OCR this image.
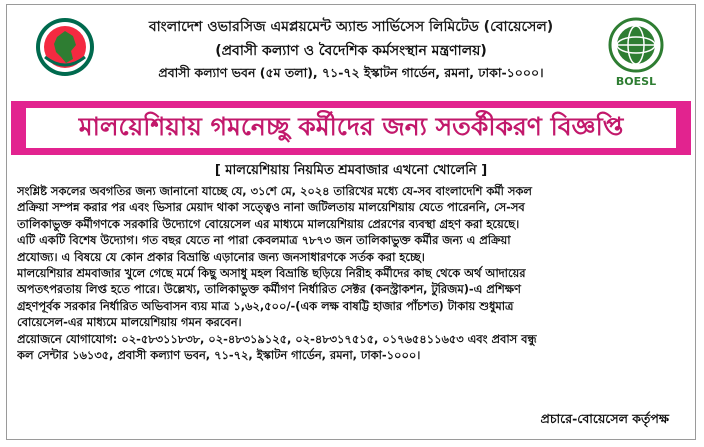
বাংলাদেশ ওভারসিজ এমপ্লয়মেন্ট অ্যান্ড সার্ভিসেস লিমিটেড (বোয়েসেল)
(প্রবাসী কল্যাণ ও বৈদেশিক কর্মসংস্থান মন্ত্রণালয়)
প্রবাসী কল্যাণ ভবন (৫ম তলা), ৭১-৭২ ইস্কাটন গার্ডেন, রমনা, ঢাকা-১০০০।
BOESL
মালয়েশিয়ায় গমনেচ্ছু কর্মীদের জন্য সতর্কীকরণ বিজ্ঞপ্তি
[ মালয়েশিয়ায় নিয়মিত শ্রমবাজার এখনো খোলেনি ]
সংশ্লিষ্ট সকলের অবগতির জন্য জানানো যাচ্ছে যে, ৩১শে মে, ২০২৪ তারিখের মধ্যে যে-সব বাংলাদেশি কর্মী সকল
প্রক্রিয়া সম্পন্ন করার পর এবং ভিসার মেয়াদ থাকা সত্ত্বেও নানা জটিলতায় মালয়েশিয়ায় যেতে পারেননি, সে-সব
তালিকাভুক্ত কর্মীগণকে সরকারি উদ্যোগে বোয়েসেল এর মাধ্যমে মালয়েশিয়ায় প্রেরণের ব্যবস্থা গ্রহণ করা হয়েছে।
এটি একটি বিশেষ উদ্যোগ। গত বছর যেতে না পারা কেবলমাত্র ৭৮৭৩ জন তালিকাভুক্ত কর্মীর জন্য এ প্রক্রিয়া
প্রযোজ্য। এ বিষয়ে যে কোন প্রকার বিভ্রান্তি এড়ানোর জন্য জনসাধারণকে সর্তক করা হচ্ছে।
মালয়েশিয়ার শ্রমবাজার খুলে গেছে মর্মে কিছু অসাধু মহল বিভ্রান্তি ছড়িয়ে নিরীহ কর্মীদের কাছ থেকে অর্থ আদায়ের
অপতৎপরতায় লিপ্ত হতে পারে। উল্লেখ্য, তালিকাভুক্ত কর্মীগণ নির্ধারিত সেক্টর (কনস্ট্রাকশন, টুরিজম)-এ প্রশিক্ষণ
গ্রহণপূর্বক সরকার নির্ধারিত অভিবাসন ব্যয় মাত্র ১,৬২,৫০০/-(এক লক্ষ বাষট্টি হাজার পাঁচশত) টাকায় শুধুমাত্র
বোয়েসেল-এর মাধ্যমে মালয়েশিয়ায় গমন করবেন।
প্রয়োজনে যোগাযোগ: ০২-৫৮৩১১৮৩৮, ০২-৪৮৩১৯১২৫, ০২-৪৮৩১৭৫১৫, ০১৭৬৫৪১১৬৫৩ এবং প্রবাস বন্ধু
কল সেন্টার ১৬১৩৫, প্রবাসী কল্যাণ ভবন, ৭১-৭২, ইস্কাটন গার্ডেন, রমনা, ঢাকা-১০০০।
প্রচারে-বোয়েসেল কর্তৃপক্ষ
